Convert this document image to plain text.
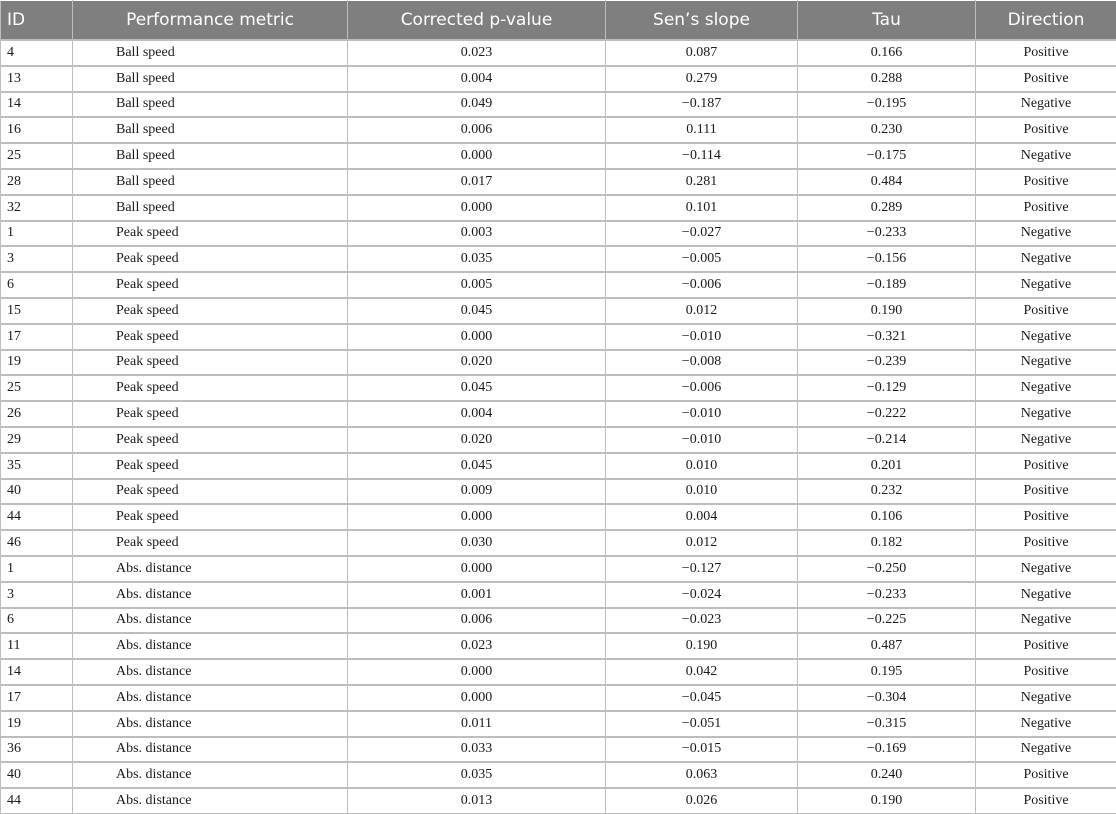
ID	Performance metric	Corrected p-value	Sen’s slope	Tau	Direction
4	Ball speed	0.023	0.087	0.166	Positive
13	Ball speed	0.004	0.279	0.288	Positive
14	Ball speed	0.049	−0.187	−0.195	Negative
16	Ball speed	0.006	0.111	0.230	Positive
25	Ball speed	0.000	−0.114	−0.175	Negative
28	Ball speed	0.017	0.281	0.484	Positive
32	Ball speed	0.000	0.101	0.289	Positive
1	Peak speed	0.003	−0.027	−0.233	Negative
3	Peak speed	0.035	−0.005	−0.156	Negative
6	Peak speed	0.005	−0.006	−0.189	Negative
15	Peak speed	0.045	0.012	0.190	Positive
17	Peak speed	0.000	−0.010	−0.321	Negative
19	Peak speed	0.020	−0.008	−0.239	Negative
25	Peak speed	0.045	−0.006	−0.129	Negative
26	Peak speed	0.004	−0.010	−0.222	Negative
29	Peak speed	0.020	−0.010	−0.214	Negative
35	Peak speed	0.045	0.010	0.201	Positive
40	Peak speed	0.009	0.010	0.232	Positive
44	Peak speed	0.000	0.004	0.106	Positive
46	Peak speed	0.030	0.012	0.182	Positive
1	Abs. distance	0.000	−0.127	−0.250	Negative
3	Abs. distance	0.001	−0.024	−0.233	Negative
6	Abs. distance	0.006	−0.023	−0.225	Negative
11	Abs. distance	0.023	0.190	0.487	Positive
14	Abs. distance	0.000	0.042	0.195	Positive
17	Abs. distance	0.000	−0.045	−0.304	Negative
19	Abs. distance	0.011	−0.051	−0.315	Negative
36	Abs. distance	0.033	−0.015	−0.169	Negative
40	Abs. distance	0.035	0.063	0.240	Positive
44	Abs. distance	0.013	0.026	0.190	Positive
